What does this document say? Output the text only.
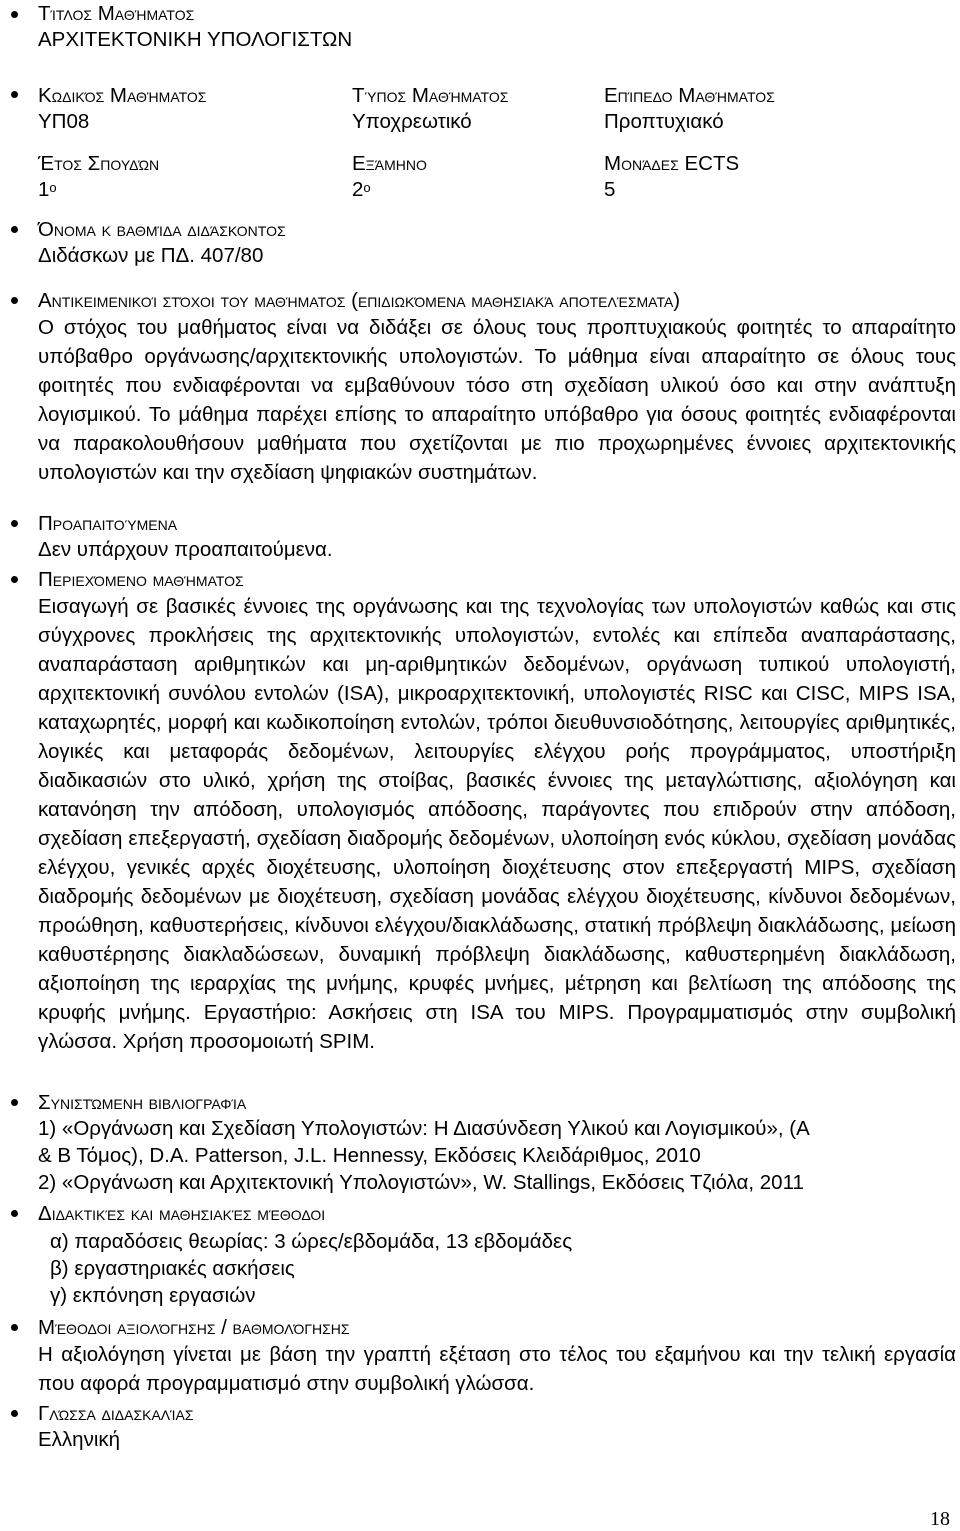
Τίτλος Μαθήματος
ΑΡΧΙΤΕΚΤΟΝΙΚΗ ΥΠΟΛΟΓΙΣΤΩΝ
Κωδικός Μαθήματος
ΥΠ08
Τύπος Μαθήματος
Υποχρεωτικό
Επίπεδο Μαθήματος
Προπτυχιακό
Έτος Σπουδών
$1^o$
Εξάμηνο
$2^o$
Μονάδες ECTS
5
Όνομα κ βαθμίδα διδάσκοντος
Διδάσκων με ΠΔ. 407/80
Αντικειμενικοί στόχοι του μαθήματος (επιδιωκόμενα μαθησιακά αποτελέσματα)

Ο στόχος του μαθήματος είναι να διδάξει σε όλους τους προπτυχιακούς φοιτητές το απαραίτητο υπόβαθρο οργάνωσης/αρχιτεκτονικής υπολογιστών. Το μάθημα είναι απαραίτητο σε όλους τους φοιτητές που ενδιαφέρονται να εμβαθύνουν τόσο στη σχεδίαση υλικού όσο και στην ανάπτυξη λογισμικού. Το μάθημα παρέχει επίσης το απαραίτητο υπόβαθρο για όσους φοιτητές ενδιαφέρονται να παρακολουθήσουν μαθήματα που σχετίζονται με πιο προχωρημένες έννοιες αρχιτεκτονικής υπολογιστών και την σχεδίαση ψηφιακών συστημάτων.

Προαπαιτούμενα
Δεν υπάρχουν προαπαιτούμενα.
Περιεχόμενο μαθήματος

Εισαγωγή σε βασικές έννοιες της οργάνωσης και της τεχνολογίας των υπολογιστών καθώς και στις σύγχρονες προκλήσεις της αρχιτεκτονικής υπολογιστών, εντολές και επίπεδα αναπαράστασης, αναπαράσταση αριθμητικών και μη-αριθμητικών δεδομένων, οργάνωση τυπικού υπολογιστή, αρχιτεκτονική συνόλου εντολών (ISA), μικροαρχιτεκτονική, υπολογιστές RISC και CISC, MIPS ISA, καταχωρητές, μορφή και κωδικοποίηση εντολών, τρόποι διευθυνσιοδότησης, λειτουργίες αριθμητικές, λογικές και μεταφοράς δεδομένων, λειτουργίες ελέγχου ροής προγράμματος, υποστήριξη διαδικασιών στο υλικό, χρήση της στοίβας, βασικές έννοιες της μεταγλώττισης, αξιολόγηση και κατανόηση την απόδοση, υπολογισμός απόδοσης, παράγοντες που επιδρούν στην απόδοση, σχεδίαση επεξεργαστή, σχεδίαση διαδρομής δεδομένων, υλοποίηση ενός κύκλου, σχεδίαση μονάδας ελέγχου, γενικές αρχές διοχέτευσης, υλοποίηση διοχέτευσης στον επεξεργαστή MIPS, σχεδίαση διαδρομής δεδομένων με διοχέτευση, σχεδίαση μονάδας ελέγχου διοχέτευσης, κίνδυνοι δεδομένων, προώθηση, καθυστερήσεις, κίνδυνοι ελέγχου/διακλάδωσης, στατική πρόβλεψη διακλάδωσης, μείωση καθυστέρησης διακλαδώσεων, δυναμική πρόβλεψη διακλάδωσης, καθυστερημένη διακλάδωση, αξιοποίηση της ιεραρχίας της μνήμης, κρυφές μνήμες, μέτρηση και βελτίωση της απόδοσης της κρυφής μνήμης. Εργαστήριο: Ασκήσεις στη ISA του MIPS. Προγραμματισμός στην συμβολική γλώσσα. Χρήση προσομοιωτή SPIM.

Συνιστώμενη βιβλιογραφία
1) «Οργάνωση και Σχεδίαση Υπολογιστών: Η Διασύνδεση Υλικού και Λογισμικού», (Α
& Β Τόμος), D.A. Patterson, J.L. Hennessy, Εκδόσεις Κλειδάριθμος, 2010
2) «Οργάνωση και Αρχιτεκτονική Υπολογιστών», W. Stallings, Εκδόσεις Τζιόλα, 2011
Διδακτικές και μαθησιακές μέθοδοι
α) παραδόσεις θεωρίας: 3 ώρες/εβδομάδα, 13 εβδομάδες
β) εργαστηριακές ασκήσεις
γ) εκπόνηση εργασιών
Μέθοδοι αξιολόγησης / βαθμολόγησης

Η αξιολόγηση γίνεται με βάση την γραπτή εξέταση στο τέλος του εξαμήνου και την τελική εργασία που αφορά προγραμματισμό στην συμβολική γλώσσα.

Γλώσσα διδασκαλίας
Ελληνική
18
